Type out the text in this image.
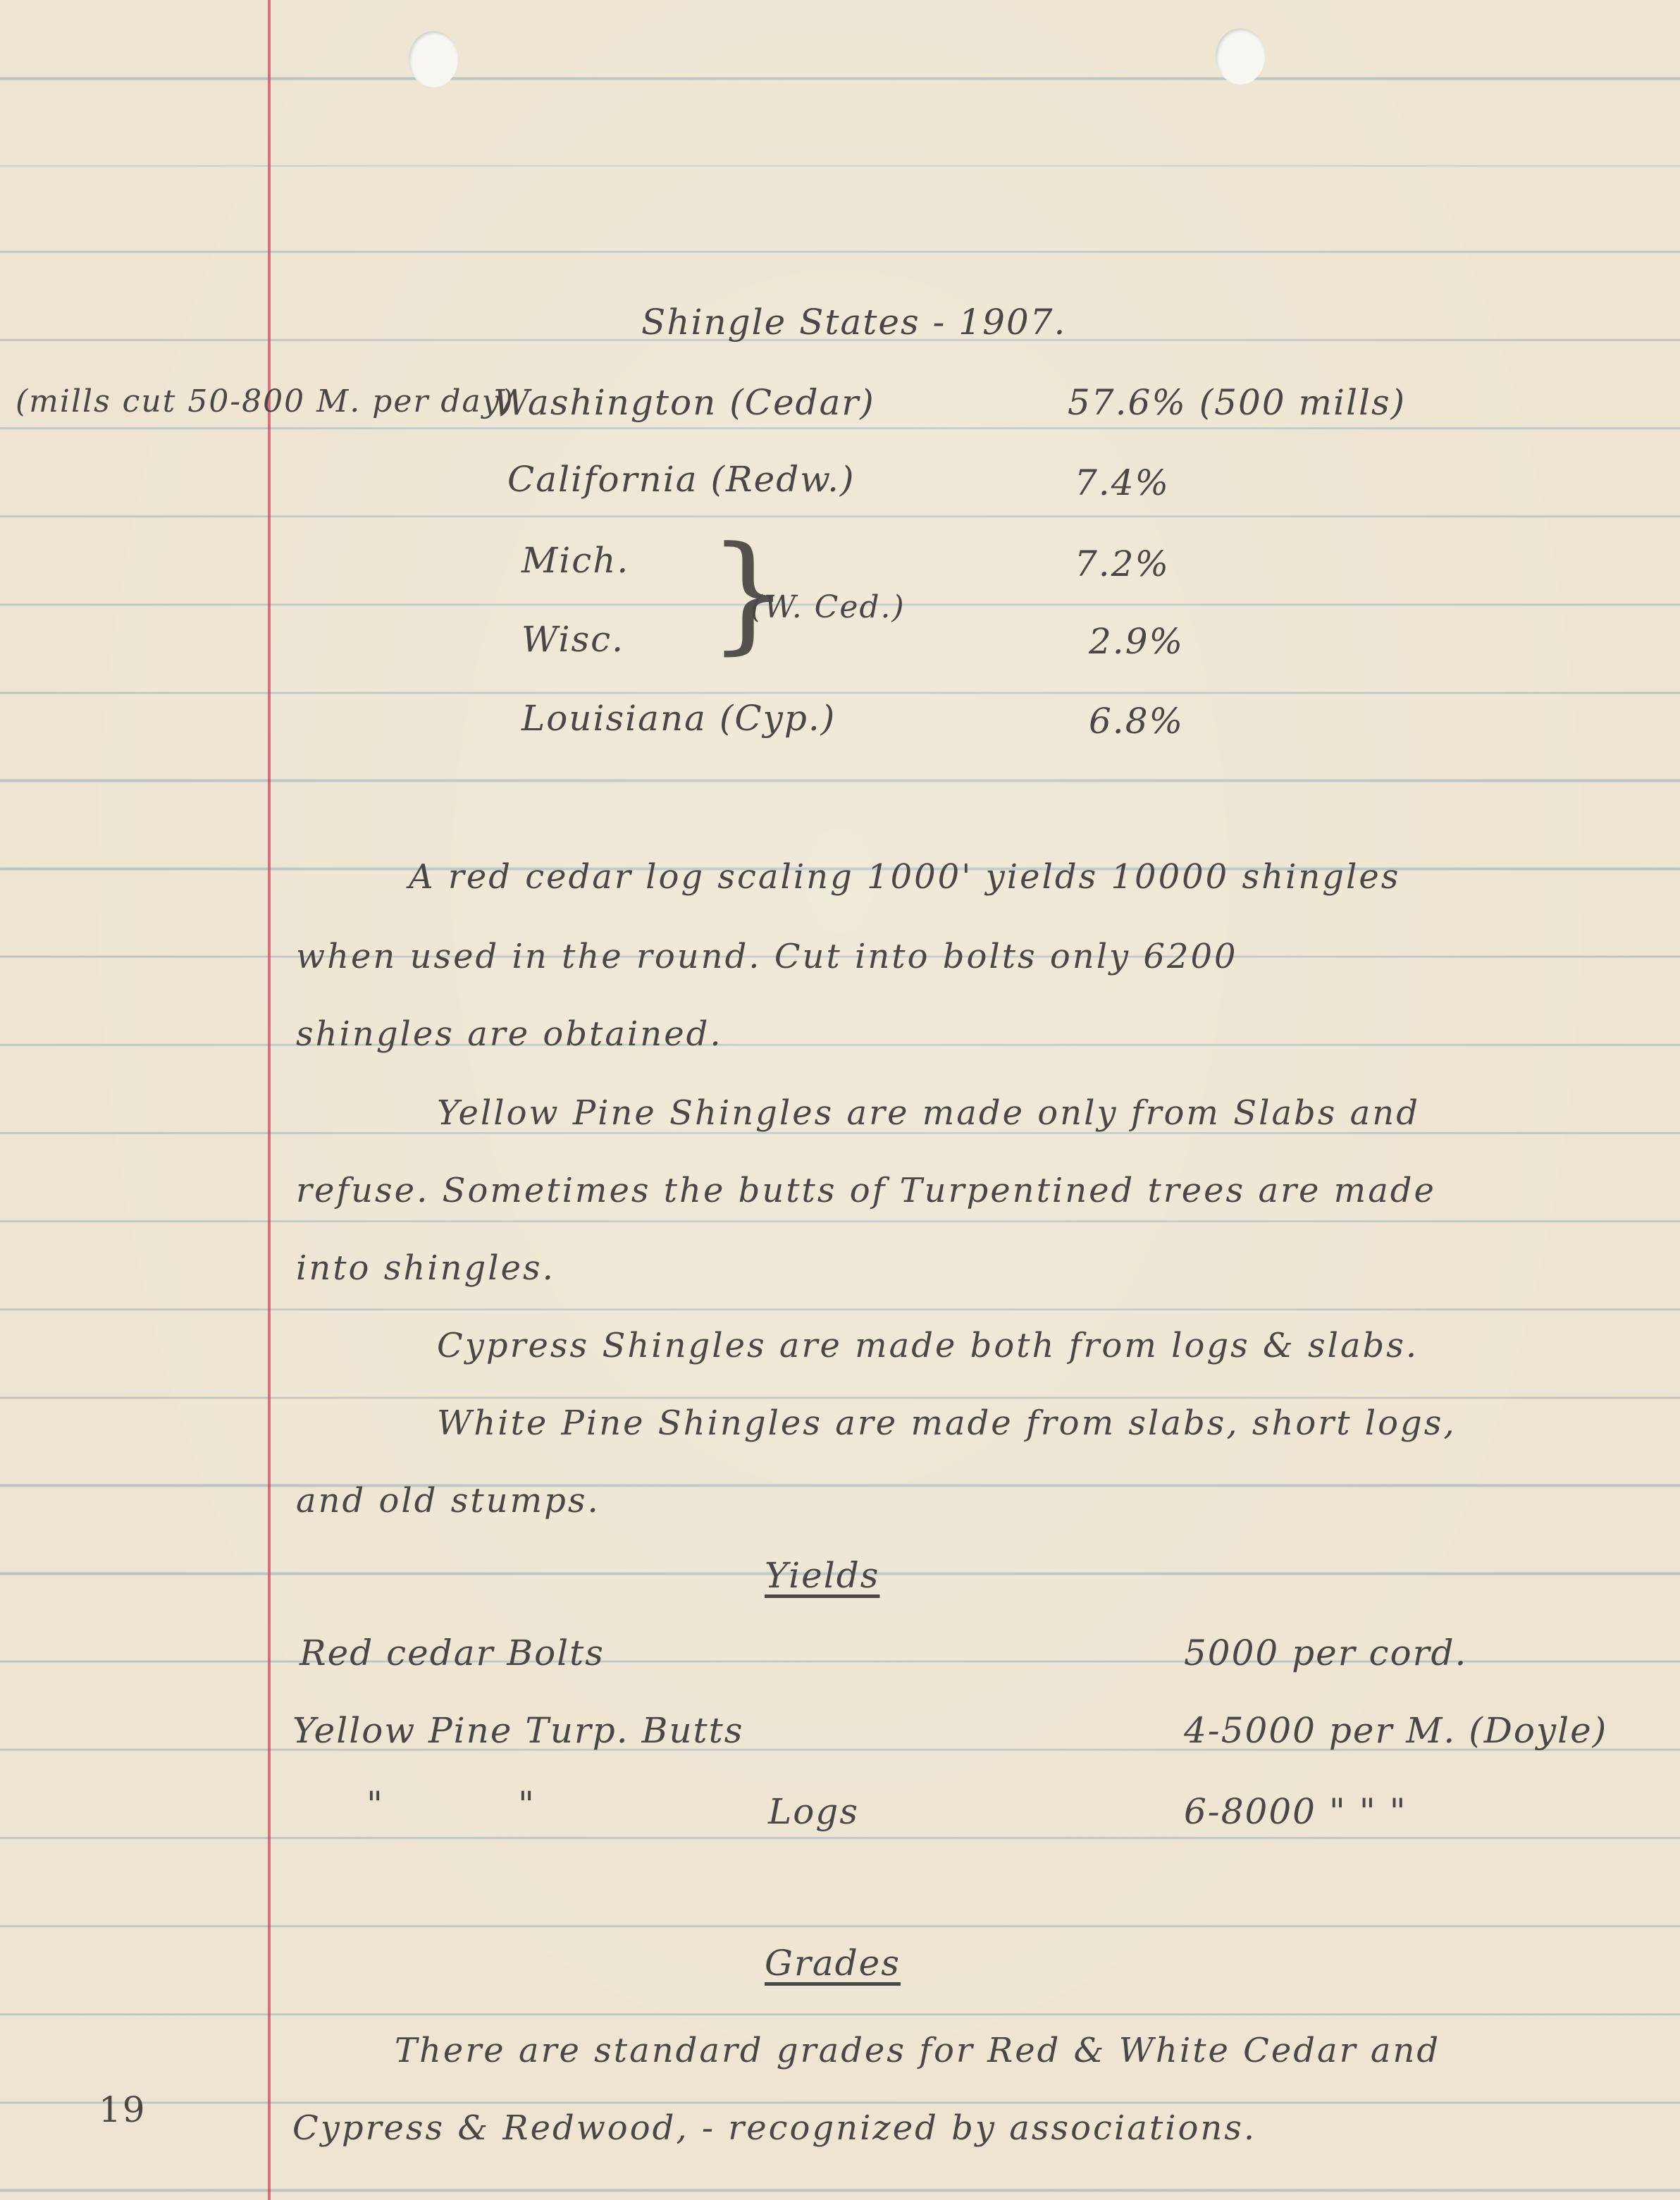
Shingle States - 1907.
(mills cut 50-800 M. per day)
Washington (Cedar)	57.6% (500 mills)
California (Redw.)	7.4%
Mich.	7.2%
}
(W. Ced.)
Wisc.	2.9%
Louisiana (Cyp.)	6.8%
A red cedar log scaling 1000' yields 10000 shingles
when used in the round. Cut into bolts only 6200
shingles are obtained.
Yellow Pine Shingles are made only from Slabs and
refuse. Sometimes the butts of Turpentined trees are made
into shingles.
Cypress Shingles are made both from logs & slabs.
White Pine Shingles are made from slabs, short logs,
and old stumps.
Yields
Red cedar Bolts	5000 per cord.
Yellow Pine Turp. Butts	4-5000 per M. (Doyle)
"	"	Logs	6-8000 " " "
Grades
There are standard grades for Red & White Cedar and
Cypress & Redwood, - recognized by associations.
19
